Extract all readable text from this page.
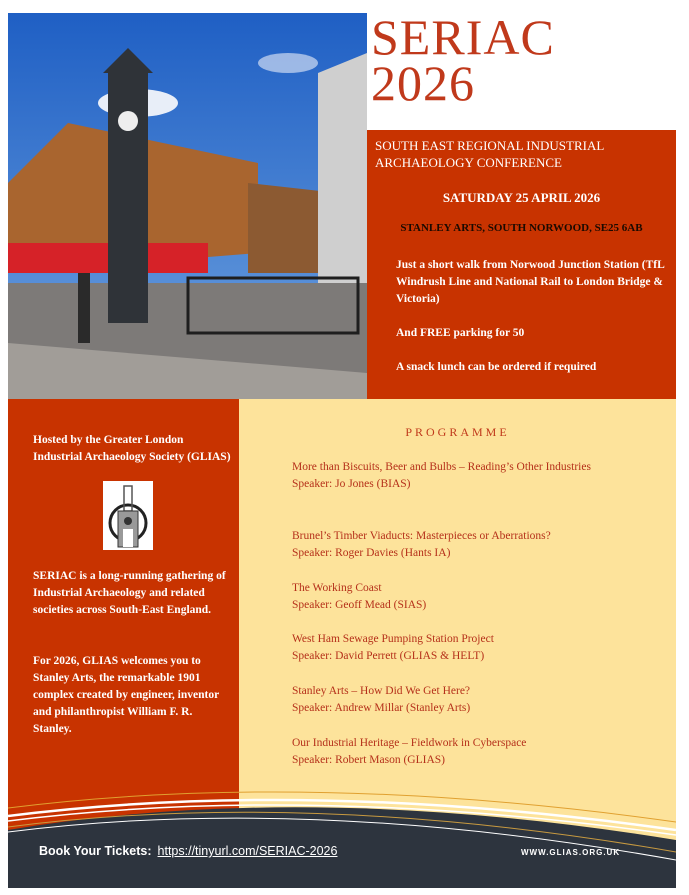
SERIAC
2026
SOUTH EAST REGIONAL INDUSTRIAL ARCHAEOLOGY CONFERENCE
SATURDAY 25 APRIL 2026
STANLEY ARTS, SOUTH NORWOOD, SE25 6AB

Just a short walk from Norwood Junction Station (TfL Windrush Line and National Rail to London Bridge & Victoria)

And FREE parking for 50

A snack lunch can be ordered if required

Hosted by the Greater London Industrial Archaeology Society (GLIAS)
SERIAC is a long-running gathering of Industrial Archaeology and related societies across South-East England.
For 2026, GLIAS welcomes you to Stanley Arts, the remarkable 1901 complex created by engineer, inventor and philanthropist William F. R. Stanley.
PROGRAMME
More than Biscuits, Beer and Bulbs – Reading’s Other Industries
Speaker: Jo Jones (BIAS)
Brunel’s Timber Viaducts: Masterpieces or Aberrations?
Speaker: Roger Davies (Hants IA)
The Working Coast
Speaker: Geoff Mead (SIAS)
West Ham Sewage Pumping Station Project
Speaker: David Perrett (GLIAS & HELT)
Stanley Arts – How Did We Get Here?
Speaker: Andrew Millar (Stanley Arts)
Our Industrial Heritage – Fieldwork in Cyberspace
Speaker: Robert Mason (GLIAS)
Book Your Tickets: https://tinyurl.com/SERIAC-2026	WWW.GLIAS.ORG.UK
